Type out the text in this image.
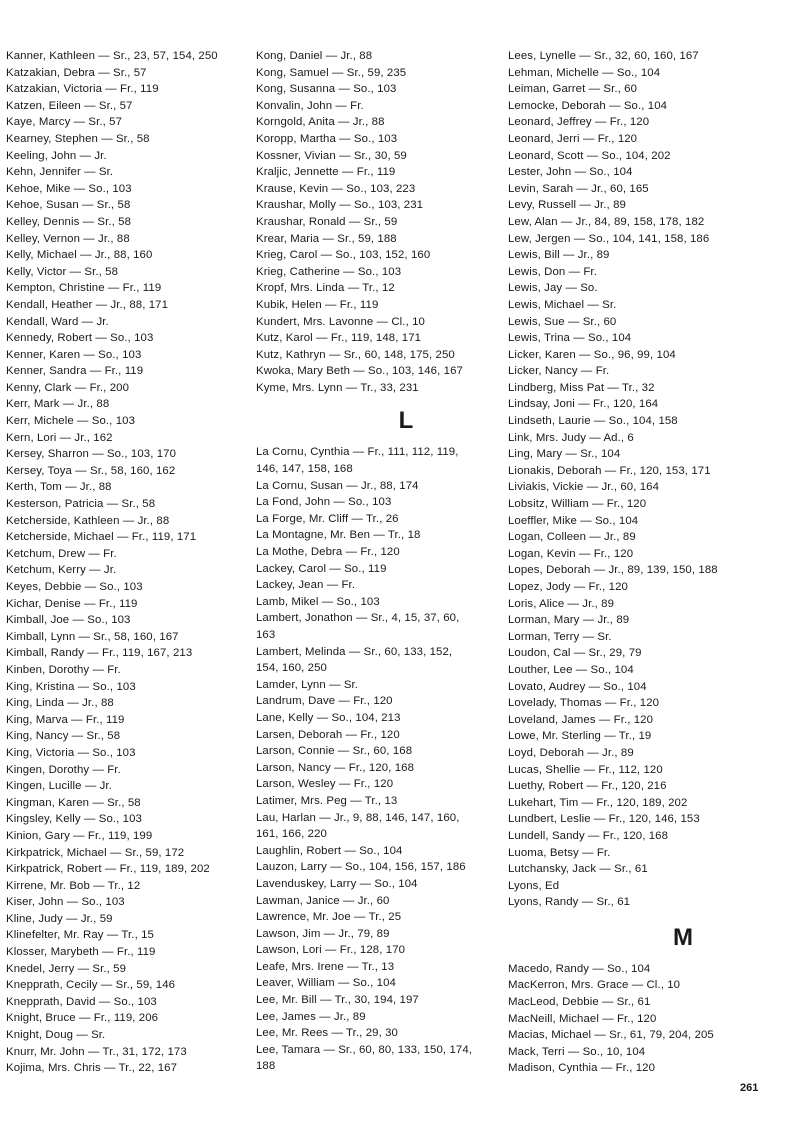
Kanner, Kathleen — Sr., 23, 57, 154, 250
Katzakian, Debra — Sr., 57
Katzakian, Victoria — Fr., 119
Katzen, Eileen — Sr., 57
Kaye, Marcy — Sr., 57
Kearney, Stephen — Sr., 58
Keeling, John — Jr.
Kehn, Jennifer — Sr.
Kehoe, Mike — So., 103
Kehoe, Susan — Sr., 58
Kelley, Dennis — Sr., 58
Kelley, Vernon — Jr., 88
Kelly, Michael — Jr., 88, 160
Kelly, Victor — Sr., 58
Kempton, Christine — Fr., 119
Kendall, Heather — Jr., 88, 171
Kendall, Ward — Jr.
Kennedy, Robert — So., 103
Kenner, Karen — So., 103
Kenner, Sandra — Fr., 119
Kenny, Clark — Fr., 200
Kerr, Mark — Jr., 88
Kerr, Michele — So., 103
Kern, Lori — Jr., 162
Kersey, Sharron — So., 103, 170
Kersey, Toya — Sr., 58, 160, 162
Kerth, Tom — Jr., 88
Kesterson, Patricia — Sr., 58
Ketcherside, Kathleen — Jr., 88
Ketcherside, Michael — Fr., 119, 171
Ketchum, Drew — Fr.
Ketchum, Kerry — Jr.
Keyes, Debbie — So., 103
Kichar, Denise — Fr., 119
Kimball, Joe — So., 103
Kimball, Lynn — Sr., 58, 160, 167
Kimball, Randy — Fr., 119, 167, 213
Kinben, Dorothy — Fr.
King, Kristina — So., 103
King, Linda — Jr., 88
King, Marva — Fr., 119
King, Nancy — Sr., 58
King, Victoria — So., 103
Kingen, Dorothy — Fr.
Kingen, Lucille — Jr.
Kingman, Karen — Sr., 58
Kingsley, Kelly — So., 103
Kinion, Gary — Fr., 119, 199
Kirkpatrick, Michael — Sr., 59, 172
Kirkpatrick, Robert — Fr., 119, 189, 202
Kirrene, Mr. Bob — Tr., 12
Kiser, John — So., 103
Kline, Judy — Jr., 59
Klinefelter, Mr. Ray — Tr., 15
Klosser, Marybeth — Fr., 119
Knedel, Jerry — Sr., 59
Knepprath, Cecily — Sr., 59, 146
Knepprath, David — So., 103
Knight, Bruce — Fr., 119, 206
Knight, Doug — Sr.
Knurr, Mr. John — Tr., 31, 172, 173
Kojima, Mrs. Chris — Tr., 22, 167
Kong, Daniel — Jr., 88
Kong, Samuel — Sr., 59, 235
Kong, Susanna — So., 103
Konvalin, John — Fr.
Korngold, Anita — Jr., 88
Koropp, Martha — So., 103
Kossner, Vivian — Sr., 30, 59
Kraljic, Jennette — Fr., 119
Krause, Kevin — So., 103, 223
Kraushar, Molly — So., 103, 231
Kraushar, Ronald — Sr., 59
Krear, Maria — Sr., 59, 188
Krieg, Carol — So., 103, 152, 160
Krieg, Catherine — So., 103
Kropf, Mrs. Linda — Tr., 12
Kubik, Helen — Fr., 119
Kundert, Mrs. Lavonne — Cl., 10
Kutz, Karol — Fr., 119, 148, 171
Kutz, Kathryn — Sr., 60, 148, 175, 250
Kwoka, Mary Beth — So., 103, 146, 167
Kyme, Mrs. Lynn — Tr., 33, 231
L
La Cornu, Cynthia — Fr., 111, 112, 119,
146, 147, 158, 168
La Cornu, Susan — Jr., 88, 174
La Fond, John — So., 103
La Forge, Mr. Cliff — Tr., 26
La Montagne, Mr. Ben — Tr., 18
La Mothe, Debra — Fr., 120
Lackey, Carol — So., 119
Lackey, Jean — Fr.
Lamb, Mikel — So., 103
Lambert, Jonathon — Sr., 4, 15, 37, 60,
163
Lambert, Melinda — Sr., 60, 133, 152,
154, 160, 250
Lamder, Lynn — Sr.
Landrum, Dave — Fr., 120
Lane, Kelly — So., 104, 213
Larsen, Deborah — Fr., 120
Larson, Connie — Sr., 60, 168
Larson, Nancy — Fr., 120, 168
Larson, Wesley — Fr., 120
Latimer, Mrs. Peg — Tr., 13
Lau, Harlan — Jr., 9, 88, 146, 147, 160,
161, 166, 220
Laughlin, Robert — So., 104
Lauzon, Larry — So., 104, 156, 157, 186
Lavenduskey, Larry — So., 104
Lawman, Janice — Jr., 60
Lawrence, Mr. Joe — Tr., 25
Lawson, Jim — Jr., 79, 89
Lawson, Lori — Fr., 128, 170
Leafe, Mrs. Irene — Tr., 13
Leaver, William — So., 104
Lee, Mr. Bill — Tr., 30, 194, 197
Lee, James — Jr., 89
Lee, Mr. Rees — Tr., 29, 30
Lee, Tamara — Sr., 60, 80, 133, 150, 174,
188
Lees, Lynelle — Sr., 32, 60, 160, 167
Lehman, Michelle — So., 104
Leiman, Garret — Sr., 60
Lemocke, Deborah — So., 104
Leonard, Jeffrey — Fr., 120
Leonard, Jerri — Fr., 120
Leonard, Scott — So., 104, 202
Lester, John — So., 104
Levin, Sarah — Jr., 60, 165
Levy, Russell — Jr., 89
Lew, Alan — Jr., 84, 89, 158, 178, 182
Lew, Jergen — So., 104, 141, 158, 186
Lewis, Bill — Jr., 89
Lewis, Don — Fr.
Lewis, Jay — So.
Lewis, Michael — Sr.
Lewis, Sue — Sr., 60
Lewis, Trina — So., 104
Licker, Karen — So., 96, 99, 104
Licker, Nancy — Fr.
Lindberg, Miss Pat — Tr., 32
Lindsay, Joni — Fr., 120, 164
Lindseth, Laurie — So., 104, 158
Link, Mrs. Judy — Ad., 6
Ling, Mary — Sr., 104
Lionakis, Deborah — Fr., 120, 153, 171
Liviakis, Vickie — Jr., 60, 164
Lobsitz, William — Fr., 120
Loeffler, Mike — So., 104
Logan, Colleen — Jr., 89
Logan, Kevin — Fr., 120
Lopes, Deborah — Jr., 89, 139, 150, 188
Lopez, Jody — Fr., 120
Loris, Alice — Jr., 89
Lorman, Mary — Jr., 89
Lorman, Terry — Sr.
Loudon, Cal — Sr., 29, 79
Louther, Lee — So., 104
Lovato, Audrey — So., 104
Lovelady, Thomas — Fr., 120
Loveland, James — Fr., 120
Lowe, Mr. Sterling — Tr., 19
Loyd, Deborah — Jr., 89
Lucas, Shellie — Fr., 112, 120
Luethy, Robert — Fr., 120, 216
Lukehart, Tim — Fr., 120, 189, 202
Lundbert, Leslie — Fr., 120, 146, 153
Lundell, Sandy — Fr., 120, 168
Luoma, Betsy — Fr.
Lutchansky, Jack — Sr., 61
Lyons, Ed
Lyons, Randy — Sr., 61
M
Macedo, Randy — So., 104
MacKerron, Mrs. Grace — Cl., 10
MacLeod, Debbie — Sr., 61
MacNeill, Michael — Fr., 120
Macias, Michael — Sr., 61, 79, 204, 205
Mack, Terri — So., 10, 104
Madison, Cynthia — Fr., 120
261
